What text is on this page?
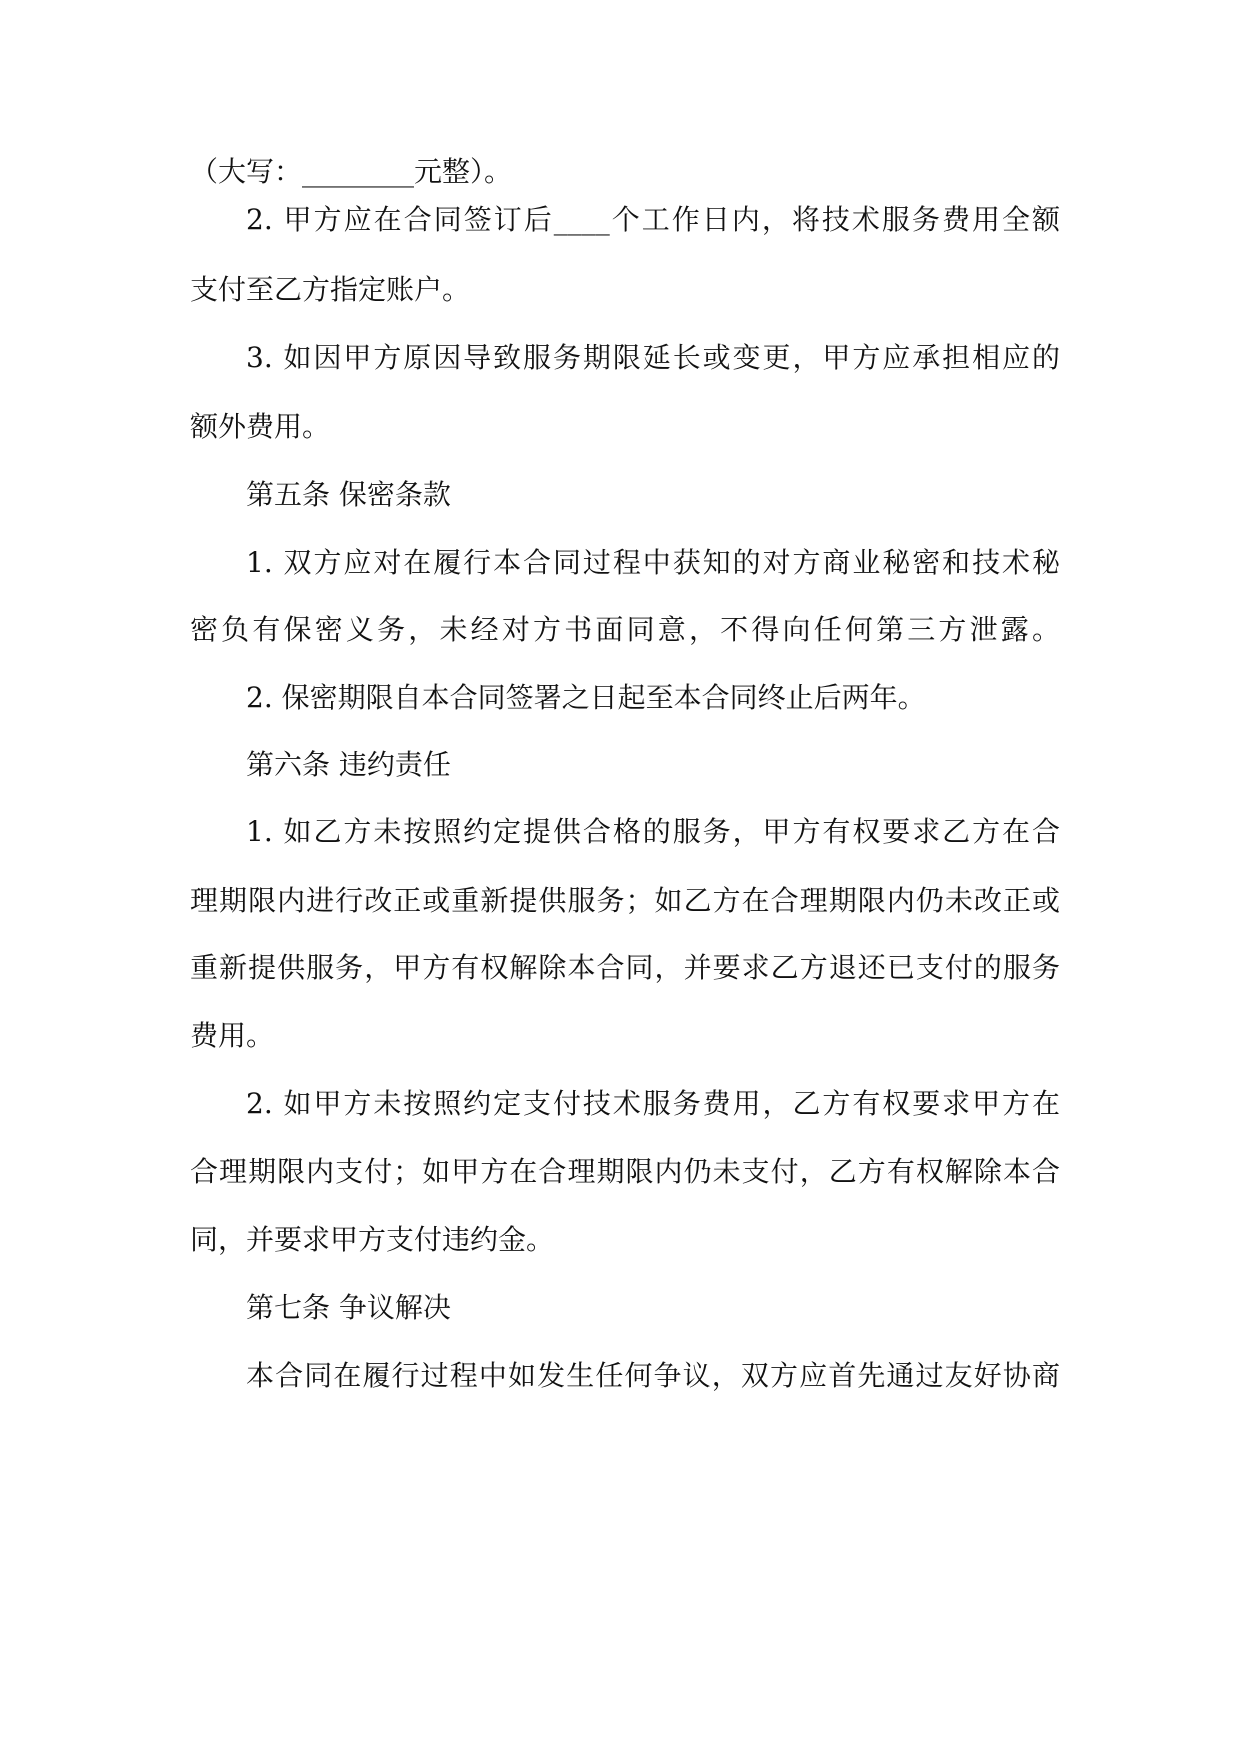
（大写：________元整）。
2. 甲方应在合同签订后____个工作日内，将技术服务费用全额
支付至乙方指定账户。
3. 如因甲方原因导致服务期限延长或变更，甲方应承担相应的
额外费用。
第五条 保密条款
1. 双方应对在履行本合同过程中获知的对方商业秘密和技术秘
密负有保密义务，未经对方书面同意，不得向任何第三方泄露。
2. 保密期限自本合同签署之日起至本合同终止后两年。
第六条 违约责任
1. 如乙方未按照约定提供合格的服务，甲方有权要求乙方在合
理期限内进行改正或重新提供服务；如乙方在合理期限内仍未改正或
重新提供服务，甲方有权解除本合同，并要求乙方退还已支付的服务
费用。
2. 如甲方未按照约定支付技术服务费用，乙方有权要求甲方在
合理期限内支付；如甲方在合理期限内仍未支付，乙方有权解除本合
同，并要求甲方支付违约金。
第七条 争议解决
本合同在履行过程中如发生任何争议，双方应首先通过友好协商
